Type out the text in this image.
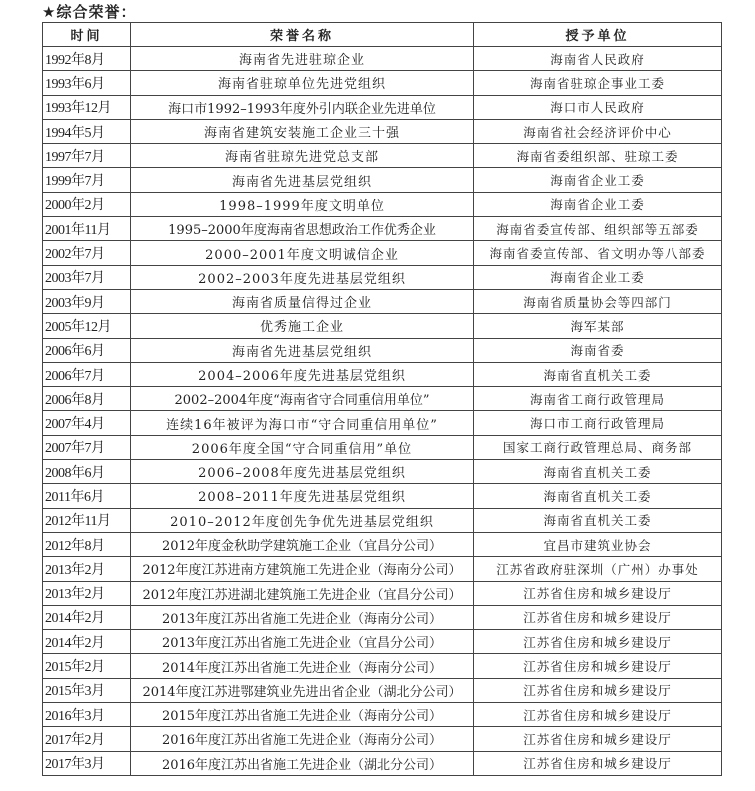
★综合荣誉：
时间	荣誉名称	授予单位
1992年8月	海南省先进驻琼企业	海南省人民政府
1993年6月	海南省驻琼单位先进党组织	海南省驻琼企事业工委
1993年12月	海口市1992–1993年度外引内联企业先进单位	海口市人民政府
1994年5月	海南省建筑安装施工企业三十强	海南省社会经济评价中心
1997年7月	海南省驻琼先进党总支部	海南省委组织部、驻琼工委
1999年7月	海南省先进基层党组织	海南省企业工委
2000年2月	1998–1999年度文明单位	海南省企业工委
2001年11月	1995–2000年度海南省思想政治工作优秀企业	海南省委宣传部、组织部等五部委
2002年7月	2000–2001年度文明诚信企业	海南省委宣传部、省文明办等八部委
2003年7月	2002–2003年度先进基层党组织	海南省企业工委
2003年9月	海南省质量信得过企业	海南省质量协会等四部门
2005年12月	优秀施工企业	海军某部
2006年6月	海南省先进基层党组织	海南省委
2006年7月	2004–2006年度先进基层党组织	海南省直机关工委
2006年8月	2002–2004年度“海南省守合同重信用单位”	海南省工商行政管理局
2007年4月	连续16年被评为海口市“守合同重信用单位”	海口市工商行政管理局
2007年7月	2006年度全国“守合同重信用”单位	国家工商行政管理总局、商务部
2008年6月	2006–2008年度先进基层党组织	海南省直机关工委
2011年6月	2008–2011年度先进基层党组织	海南省直机关工委
2012年11月	2010–2012年度创先争优先进基层党组织	海南省直机关工委
2012年8月	2012年度金秋助学建筑施工企业（宜昌分公司）	宜昌市建筑业协会
2013年2月	2012年度江苏进南方建筑施工先进企业（海南分公司）	江苏省政府驻深圳（广州）办事处
2013年2月	2012年度江苏进湖北建筑施工先进企业（宜昌分公司）	江苏省住房和城乡建设厅
2014年2月	2013年度江苏出省施工先进企业（海南分公司）	江苏省住房和城乡建设厅
2014年2月	2013年度江苏出省施工先进企业（宜昌分公司）	江苏省住房和城乡建设厅
2015年2月	2014年度江苏出省施工先进企业（海南分公司）	江苏省住房和城乡建设厅
2015年3月	2014年度江苏进鄂建筑业先进出省企业（湖北分公司）	江苏省住房和城乡建设厅
2016年3月	2015年度江苏出省施工先进企业（海南分公司）	江苏省住房和城乡建设厅
2017年2月	2016年度江苏出省施工先进企业（海南分公司）	江苏省住房和城乡建设厅
2017年3月	2016年度江苏出省施工先进企业（湖北分公司）	江苏省住房和城乡建设厅
